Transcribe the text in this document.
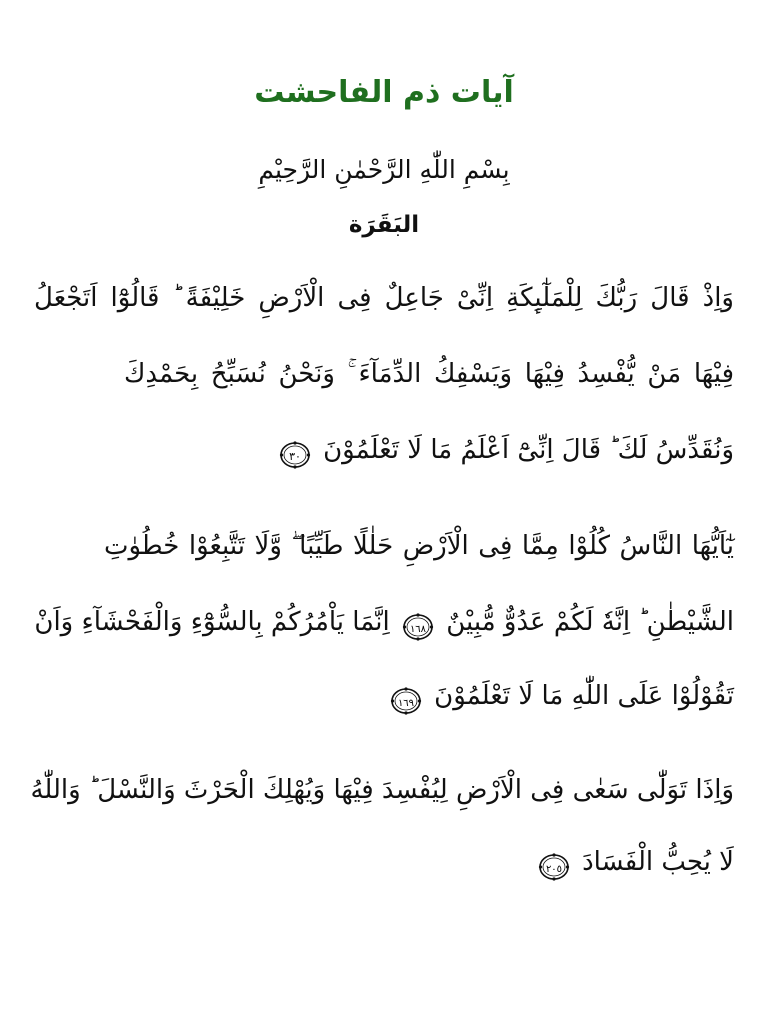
آیات ذم الفاحشت
بِسْمِ اللّٰهِ الرَّحْمٰنِ الرَّحِیْمِ
البَقَرَة
وَاِذْ قَالَ رَبُّكَ لِلْمَلٰٓىِٕكَةِ اِنِّیْ جَاعِلٌ فِی الْاَرْضِ خَلِیْفَةً ؕ قَالُوْٓا اَتَجْعَلُ
فِیْهَا مَنْ یُّفْسِدُ فِیْهَا وَیَسْفِكُ الدِّمَآءَ ۚ وَنَحْنُ نُسَبِّحُ بِحَمْدِكَ
وَنُقَدِّسُ لَكَ ؕ قَالَ اِنِّیْٓ اَعْلَمُ مَا لَا تَعْلَمُوْنَ
٣٠
یٰٓاَیُّهَا النَّاسُ كُلُوْا مِمَّا فِی الْاَرْضِ حَلٰلًا طَیِّبًا ۖؗ وَّلَا تَتَّبِعُوْا خُطُوٰتِ
الشَّیْطٰنِ ؕ اِنَّهٗ لَكُمْ عَدُوٌّ مُّبِیْنٌ
١٦٨
اِنَّمَا یَاْمُرُكُمْ بِالسُّوْٓءِ وَالْفَحْشَآءِ وَاَنْ
تَقُوْلُوْا عَلَى اللّٰهِ مَا لَا تَعْلَمُوْنَ
١٦٩
وَاِذَا تَوَلّٰى سَعٰى فِی الْاَرْضِ لِیُفْسِدَ فِیْهَا وَیُهْلِكَ الْحَرْثَ وَالنَّسْلَ ؕ وَاللّٰهُ
لَا یُحِبُّ الْفَسَادَ
٢٠٥
